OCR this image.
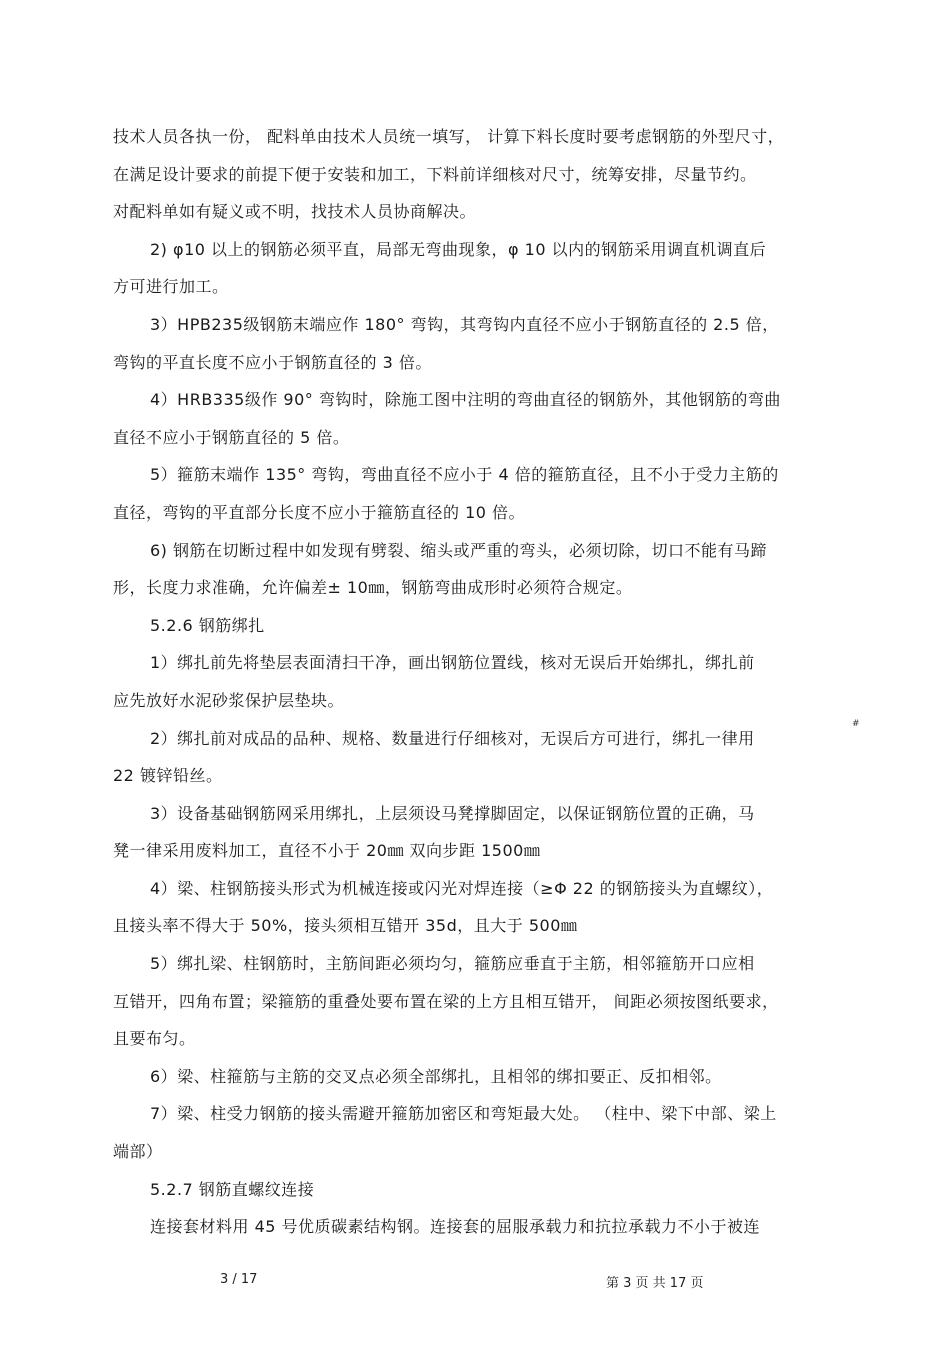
技术人员各执一份， 配料单由技术人员统一填写， 计算下料长度时要考虑钢筋的外型尺寸，
在满足设计要求的前提下便于安装和加工，下料前详细核对尺寸，统筹安排，尽量节约。
对配料单如有疑义或不明，找技术人员协商解决。
2) φ10 以上的钢筋必须平直，局部无弯曲现象，φ 10 以内的钢筋采用调直机调直后
方可进行加工。
3）HPB235级钢筋末端应作 180° 弯钩，其弯钩内直径不应小于钢筋直径的 2.5 倍，
弯钩的平直长度不应小于钢筋直径的 3 倍。
4）HRB335级作 90° 弯钩时，除施工图中注明的弯曲直径的钢筋外，其他钢筋的弯曲
直径不应小于钢筋直径的 5 倍。
5）箍筋末端作 135° 弯钩，弯曲直径不应小于 4 倍的箍筋直径，且不小于受力主筋的
直径，弯钩的平直部分长度不应小于箍筋直径的 10 倍。
6) 钢筋在切断过程中如发现有劈裂、缩头或严重的弯头，必须切除，切口不能有马蹄
形，长度力求准确，允许偏差± 10㎜，钢筋弯曲成形时必须符合规定。
5.2.6 钢筋绑扎
1）绑扎前先将垫层表面清扫干净，画出钢筋位置线，核对无误后开始绑扎，绑扎前
应先放好水泥砂浆保护层垫块。
2）绑扎前对成品的品种、规格、数量进行仔细核对，无误后方可进行，绑扎一律用
22 镀锌铅丝。
3）设备基础钢筋网采用绑扎，上层须设马凳撑脚固定，以保证钢筋位置的正确，马
凳一律采用废料加工，直径不小于 20㎜ 双向步距 1500㎜
4）梁、柱钢筋接头形式为机械连接或闪光对焊连接（≥Φ 22 的钢筋接头为直螺纹），
且接头率不得大于 50%，接头须相互错开 35d，且大于 500㎜
5）绑扎梁、柱钢筋时，主筋间距必须均匀，箍筋应垂直于主筋，相邻箍筋开口应相
互错开，四角布置；梁箍筋的重叠处要布置在梁的上方且相互错开， 间距必须按图纸要求，
且要布匀。
6）梁、柱箍筋与主筋的交叉点必须全部绑扎，且相邻的绑扣要正、反扣相邻。
7）梁、柱受力钢筋的接头需避开箍筋加密区和弯矩最大处。 （柱中、梁下中部、梁上
端部）
5.2.7 钢筋直螺纹连接
连接套材料用 45 号优质碳素结构钢。连接套的屈服承载力和抗拉承载力不小于被连
#
3 / 17	第 3 页 共 17 页
